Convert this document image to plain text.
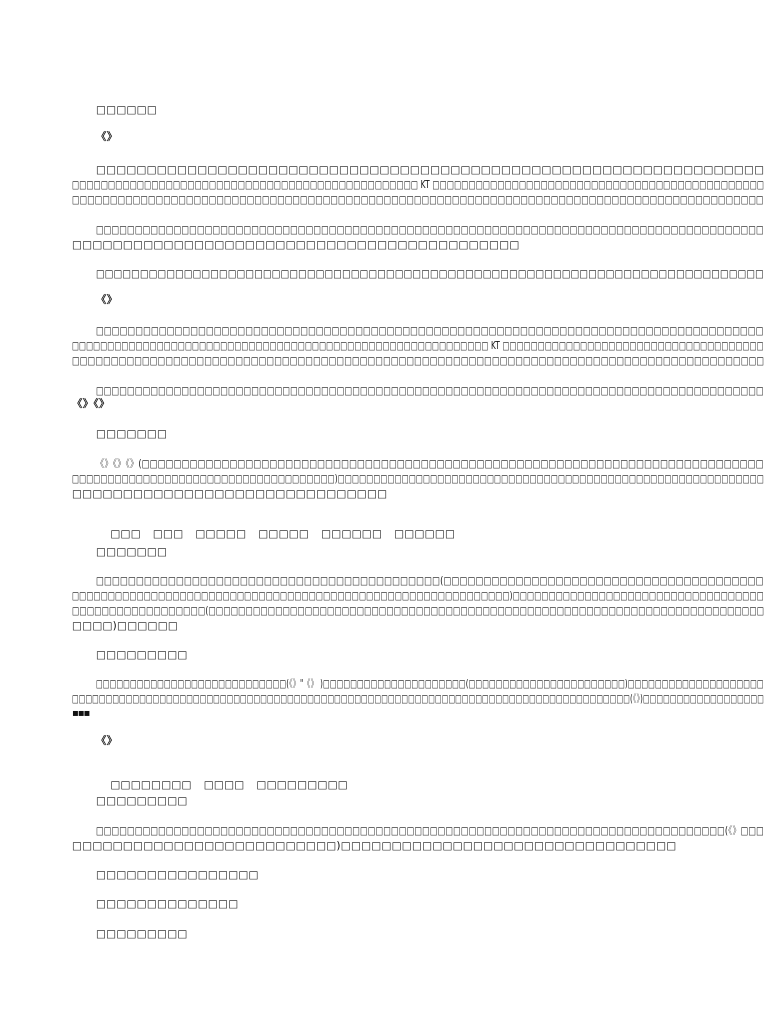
□□□□□□
《》
□□□□□□□□□□□□□□□□□□□□□□□□□□□□□□□□□□□□□□□□□□□□□□□□□□□□□□□□□□□□□□□□□□
□□□□□□□□□□□□□□□□□□□□□□□□□□□□□□□□□□□□□□□□□□□□□□□□ KT □□□□□□□□□□□□□□□□□□□□□□□□□□□□□□□□□□□□□□□□□□□□□□
□□□□□□□□□□□□□□□□□□□□□□□□□□□□□□□□□□□□□□□□□□□□□□□□□□□□□□□□□□□□□□□□□□□□□□□□□□□□□□□□□□□□□□□□□□□
□□□□□□□□□□□□□□□□□□□□□□□□□□□□□□□□□□□□□□□□□□□□□□□□□□□□□□□□□□□□□□□□□□□□□□□□□□□□□□□□□□□□□□
□□□□□□□□□□□□□□□□□□□□□□□□□□□□□□□□□□□□□□□□□□□□
□□□□□□□□□□□□□□□□□□□□□□□□□□□□□□□□□□□□□□□□□□□□□□□□□□□□□□□□□□□□□□□□□□□□□□□□□□□□
《》
□□□□□□□□□□□□□□□□□□□□□□□□□□□□□□□□□□□□□□□□□□□□□□□□□□□□□□□□□□□□□□□□□□□□□□□□□□□□□□□□□□□□□
□□□□□□□□□□□□□□□□□□□□□□□□□□□□□□□□□□□□□□□□□□□□□□□□□□□□□□□□□□□ KT □□□□□□□□□□□□□□□□□□□□□□□□□□□□□□□□□□□□□
□□□□□□□□□□□□□□□□□□□□□□□□□□□□□□□□□□□□□□□□□□□□□□□□□□□□□□□□□□□□□□□□□□□□□□□□□□□□□□□□□□□□□□□□□
□□□□□□□□□□□□□□□□□□□□□□□□□□□□□□□□□□□□□□□□□□□□□□□□□□□□□□□□□□□□□□□□□□□□□□□□□□□□□□□□□□□□□□
《》《》
□□□□□□□
《》《》《》(□□□□□□□□□□□□□□□□□□□□□□□□□□□□□□□□□□□□□□□□□□□□□□□□□□□□□□□□□□□□□□□□□□□□□□□□□□□□□□
□□□□□□□□□□□□□□□□□□□□□□□□□□□□□□□□□□□□□)□□□□□□□□□□□□□□□□□□□□□□□□□□□□□□□□□□□□□□□□□□□□□□□□□□□□□□□□□□□□
□□□□□□□□□□□□□□□□□□□□□□□□□□□□□□□

□□□ □□□ □□□□□ □□□□□ □□□□□□ □□□□□□

□□□□□□□
□□□□□□□□□□□□□□□□□□□□□□□□□□□□□□□□□□□□□□□□□□□(□□□□□□□□□□□□□□□□□□□□□□□□□□□□□□□□□□□□□□□□
□□□□□□□□□□□□□□□□□□□□□□□□□□□□□□□□□□□□□□□□□□□□□□□□□□□□□□□□□□□□□)□□□□□□□□□□□□□□□□□□□□□□□□□□□□□□□□□□□
□□□□□□□□□□□□□□□□□□(□□□□□□□□□□□□□□□□□□□□□□□□□□□□□□□□□□□□□□□□□□□□□□□□□□□□□□□□□□□□□□□□□□□□□□□□□□□
□□□□)□□□□□□
□□□□□□□□□
□□□□□□□□□□□□□□□□□□□□□□□□□□□□(《》"《》 )□□□□□□□□□□□□□□□□□□□□□(□□□□□□□□□□□□□□□□□□□□□□□)□□□□□□□□□□□□□□□□□□□□
□□□□□□□□□□□□□□□□□□□□□□□□□□□□□□□□□□□□□□□□□□□□□□□□□□□□□□□□□□□□□□□□□□□□□□□□□□□□□□□□□□□(《》)□□□□□□□□□□□□□□□□□□
▪▪▪
《》

□□□□□□□□ □□□□ □□□□□□□□□

□□□□□□□□□
□□□□□□□□□□□□□□□□□□□□□□□□□□□□□□□□□□□□□□□□□□□□□□□□□□□□□□□□□□□□□□□□□□□□□□□□□□□□□□□□□(《》□□□
□□□□□□□□□□□□□□□□□□□□□□□□□□)□□□□□□□□□□□□□□□□□□□□□□□□□□□□□□□□□
□□□□□□□□□□□□□□□□
□□□□□□□□□□□□□□
□□□□□□□□□
